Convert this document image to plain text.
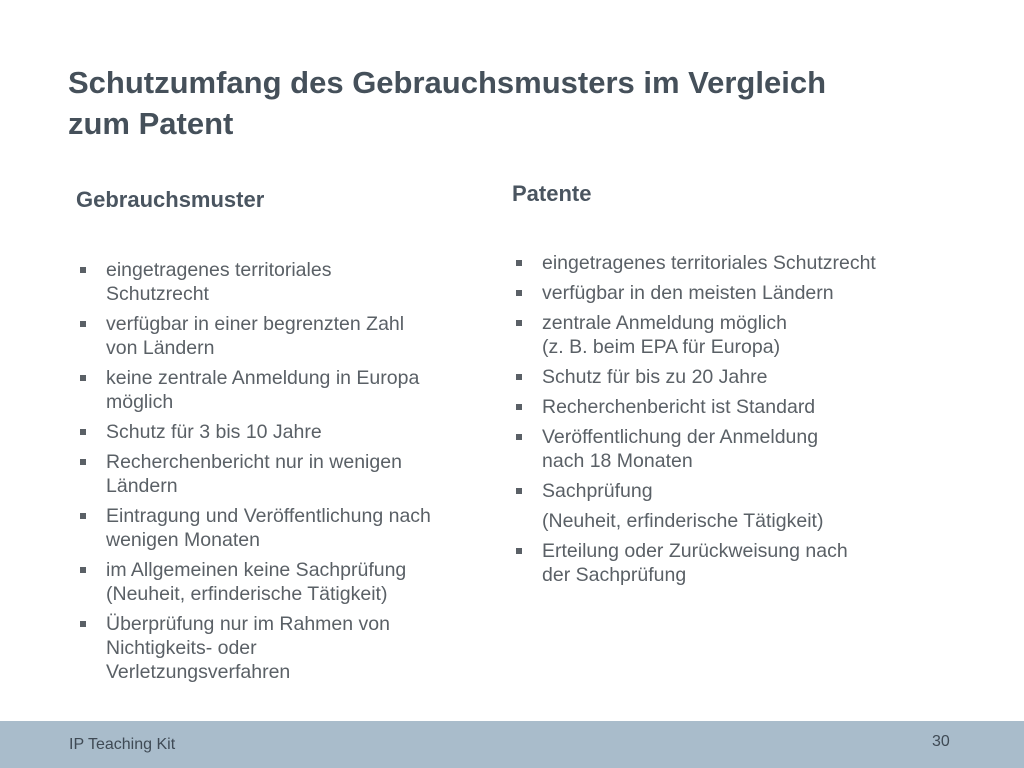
Schutzumfang des Gebrauchsmusters im Vergleich
zum Patent
Gebrauchsmuster
eingetragenes territoriales
Schutzrecht
verfügbar in einer begrenzten Zahl
von Ländern
keine zentrale Anmeldung in Europa
möglich
Schutz für 3 bis 10 Jahre
Recherchenbericht nur in wenigen
Ländern
Eintragung und Veröffentlichung nach
wenigen Monaten
im Allgemeinen keine Sachprüfung
(Neuheit, erfinderische Tätigkeit)
Überprüfung nur im Rahmen von
Nichtigkeits- oder
Verletzungsverfahren
Patente
eingetragenes territoriales Schutzrecht
verfügbar in den meisten Ländern
zentrale Anmeldung möglich
(z. B. beim EPA für Europa)
Schutz für bis zu 20 Jahre
Recherchenbericht ist Standard
Veröffentlichung der Anmeldung
nach 18 Monaten
Sachprüfung
(Neuheit, erfinderische Tätigkeit)
Erteilung oder Zurückweisung nach
der Sachprüfung
IP Teaching Kit	30
